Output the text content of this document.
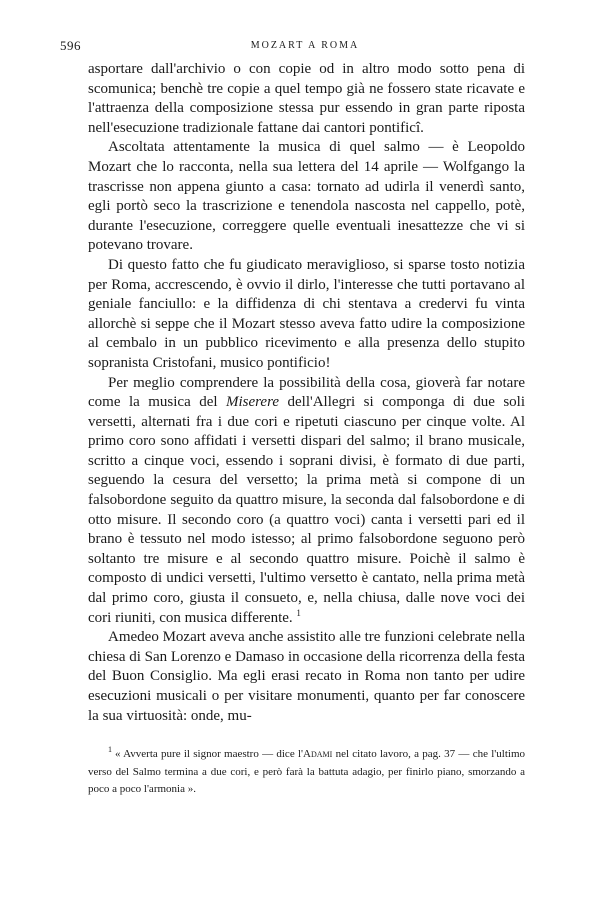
596	MOZART A ROMA

asportare dall'archivio o con copie od in altro modo sotto pena di scomunica; benchè tre copie a quel tempo già ne fossero state ricavate e l'attraenza della composizione stessa pur essendo in gran parte riposta nell'esecuzione tradizionale fattane dai cantori pontificî.

Ascoltata attentamente la musica di quel salmo — è Leopoldo Mozart che lo racconta, nella sua lettera del 14 aprile — Wolfgango la trascrisse non appena giunto a casa: tornato ad udirla il venerdì santo, egli portò seco la trascrizione e tenendola nascosta nel cappello, potè, durante l'esecuzione, correggere quelle eventuali inesattezze che vi si potevano trovare.

Di questo fatto che fu giudicato meraviglioso, si sparse tosto notizia per Roma, accrescendo, è ovvio il dirlo, l'interesse che tutti portavano al geniale fanciullo: e la diffidenza di chi stentava a credervi fu vinta allorchè si seppe che il Mozart stesso aveva fatto udire la composizione al cembalo in un pubblico ricevimento e alla presenza dello stupito sopranista Cristofani, musico pontificio!

Per meglio comprendere la possibilità della cosa, gioverà far notare come la musica del Miserere dell'Allegri si componga di due soli versetti, alternati fra i due cori e ripetuti ciascuno per cinque volte. Al primo coro sono affidati i versetti dispari del salmo; il brano musicale, scritto a cinque voci, essendo i soprani divisi, è formato di due parti, seguendo la cesura del versetto; la prima metà si compone di un falsobordone seguito da quattro misure, la seconda dal falsobordone e di otto misure. Il secondo coro (a quattro voci) canta i versetti pari ed il brano è tessuto nel modo istesso; al primo falsobordone seguono però soltanto tre misure e al secondo quattro misure. Poichè il salmo è composto di undici versetti, l'ultimo versetto è cantato, nella prima metà dal primo coro, giusta il consueto, e, nella chiusa, dalle nove voci dei cori riuniti, con musica differente. $^1$

Amedeo Mozart aveva anche assistito alle tre funzioni celebrate nella chiesa di San Lorenzo e Damaso in occasione della ricorrenza della festa del Buon Consiglio. Ma egli erasi recato in Roma non tanto per udire esecuzioni musicali o per visitare monumenti, quanto per far conoscere la sua virtuosità: onde, mu-

$^1$ « Avverta pure il signor maestro — dice l'Adami nel citato lavoro, a pag. 37 — che l'ultimo verso del Salmo termina a due cori, e però farà la battuta adagio, per finirlo piano, smorzando a poco a poco l'armonia ».
